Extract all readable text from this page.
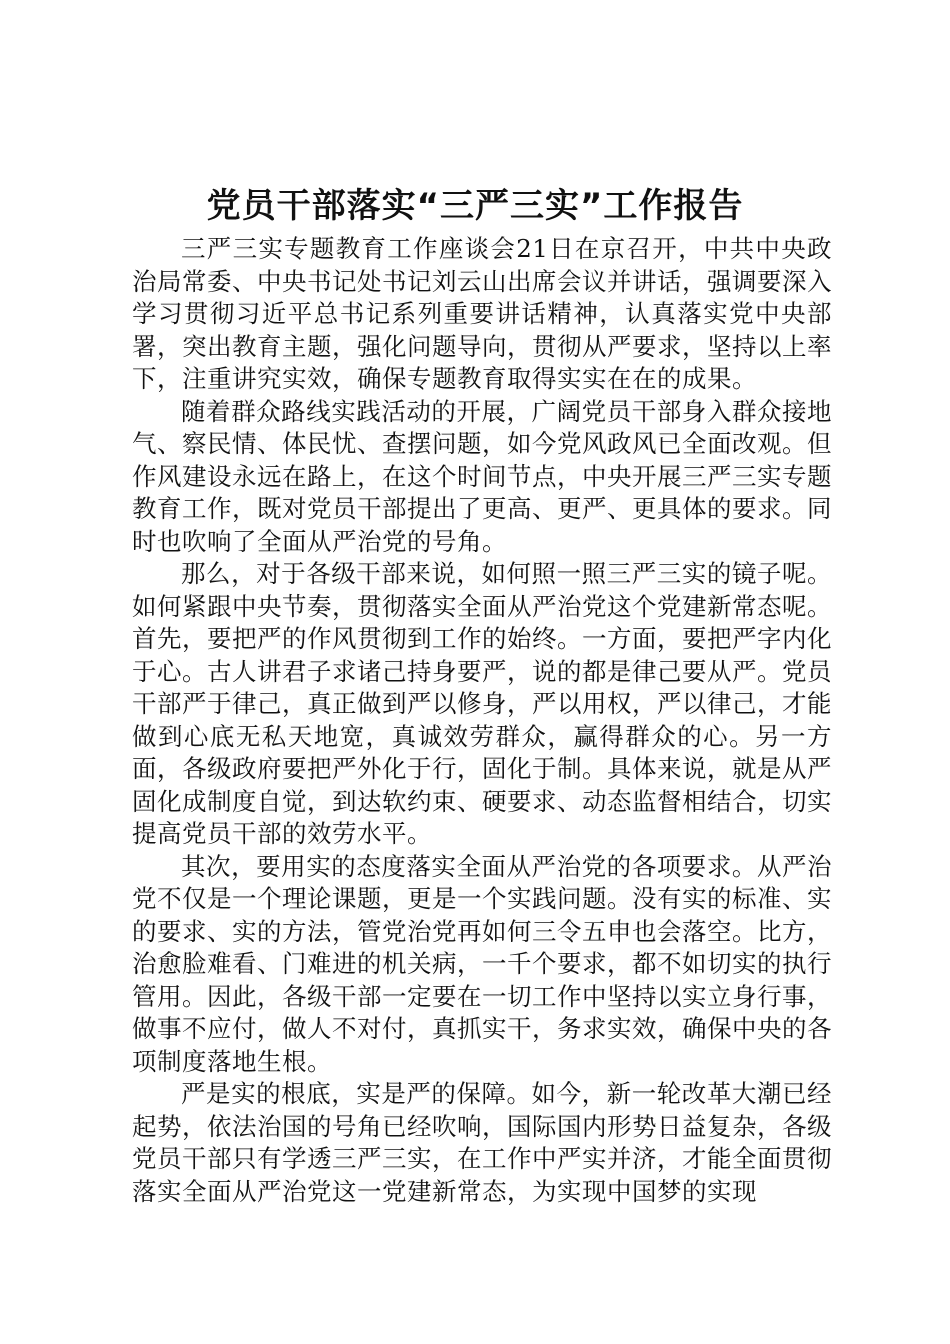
党员干部落实“三严三实”工作报告

三严三实专题教育工作座谈会21日在京召开，中共中央政治局常委、中央书记处书记刘云山出席会议并讲话，强调要深入学习贯彻习近平总书记系列重要讲话精神，认真落实党中央部署，突出教育主题，强化问题导向，贯彻从严要求，坚持以上率下，注重讲究实效，确保专题教育取得实实在在的成果。

随着群众路线实践活动的开展，广阔党员干部身入群众接地气、察民情、体民忧、查摆问题，如今党风政风已全面改观。但作风建设永远在路上，在这个时间节点，中央开展三严三实专题教育工作，既对党员干部提出了更高、更严、更具体的要求。同时也吹响了全面从严治党的号角。

那么，对于各级干部来说，如何照一照三严三实的镜子呢。如何紧跟中央节奏，贯彻落实全面从严治党这个党建新常态呢。首先，要把严的作风贯彻到工作的始终。一方面，要把严字内化于心。古人讲君子求诸己持身要严，说的都是律己要从严。党员干部严于律己，真正做到严以修身，严以用权，严以律己，才能做到心底无私天地宽，真诚效劳群众，赢得群众的心。另一方面，各级政府要把严外化于行，固化于制。具体来说，就是从严固化成制度自觉，到达软约束、硬要求、动态监督相结合，切实提高党员干部的效劳水平。

其次，要用实的态度落实全面从严治党的各项要求。从严治党不仅是一个理论课题，更是一个实践问题。没有实的标准、实的要求、实的方法，管党治党再如何三令五申也会落空。比方，治愈脸难看、门难进的机关病，一千个要求，都不如切实的执行管用。因此，各级干部一定要在一切工作中坚持以实立身行事，做事不应付，做人不对付，真抓实干，务求实效，确保中央的各项制度落地生根。

严是实的根底，实是严的保障。如今，新一轮改革大潮已经起势，依法治国的号角已经吹响，国际国内形势日益复杂，各级党员干部只有学透三严三实，在工作中严实并济，才能全面贯彻落实全面从严治党这一党建新常态，为实现中国梦的实现
